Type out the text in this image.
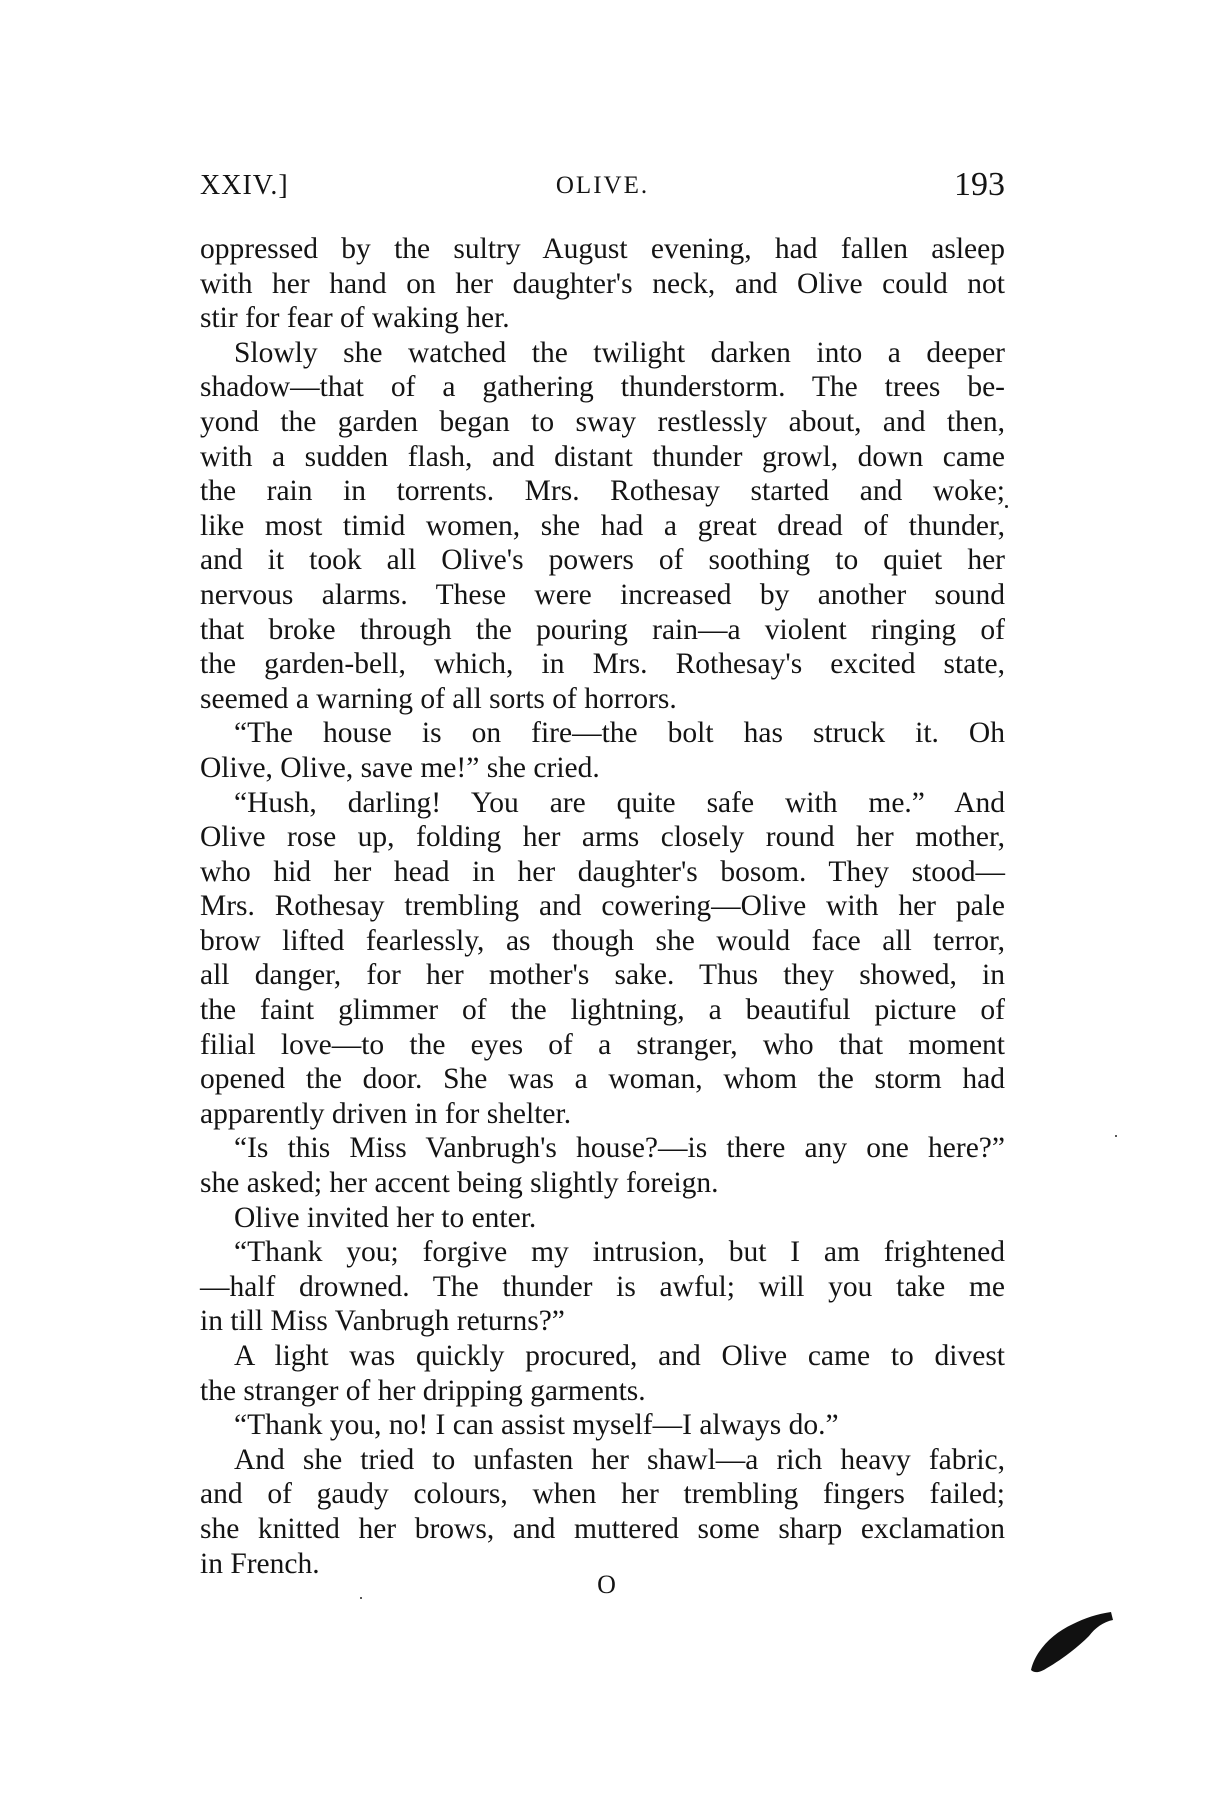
XXIV.]	OLIVE.	193
oppressed by the sultry August evening, had fallen asleep
with her hand on her daughter's neck, and Olive could not
stir for fear of waking her.
Slowly she watched the twilight darken into a deeper
shadow—that of a gathering thunderstorm. The trees be-
yond the garden began to sway restlessly about, and then,
with a sudden flash, and distant thunder growl, down came
the rain in torrents. Mrs. Rothesay started and woke;
like most timid women, she had a great dread of thunder,
and it took all Olive's powers of soothing to quiet her
nervous alarms. These were increased by another sound
that broke through the pouring rain—a violent ringing of
the garden-bell, which, in Mrs. Rothesay's excited state,
seemed a warning of all sorts of horrors.
“The house is on fire—the bolt has struck it. Oh
Olive, Olive, save me!” she cried.
“Hush, darling! You are quite safe with me.” And
Olive rose up, folding her arms closely round her mother,
who hid her head in her daughter's bosom. They stood—
Mrs. Rothesay trembling and cowering—Olive with her pale
brow lifted fearlessly, as though she would face all terror,
all danger, for her mother's sake. Thus they showed, in
the faint glimmer of the lightning, a beautiful picture of
filial love—to the eyes of a stranger, who that moment
opened the door. She was a woman, whom the storm had
apparently driven in for shelter.
“Is this Miss Vanbrugh's house?—is there any one here?”
she asked; her accent being slightly foreign.
Olive invited her to enter.
“Thank you; forgive my intrusion, but I am frightened
—half drowned. The thunder is awful; will you take me
in till Miss Vanbrugh returns?”
A light was quickly procured, and Olive came to divest
the stranger of her dripping garments.
“Thank you, no! I can assist myself—I always do.”
And she tried to unfasten her shawl—a rich heavy fabric,
and of gaudy colours, when her trembling fingers failed;
she knitted her brows, and muttered some sharp exclamation
in French.
O
